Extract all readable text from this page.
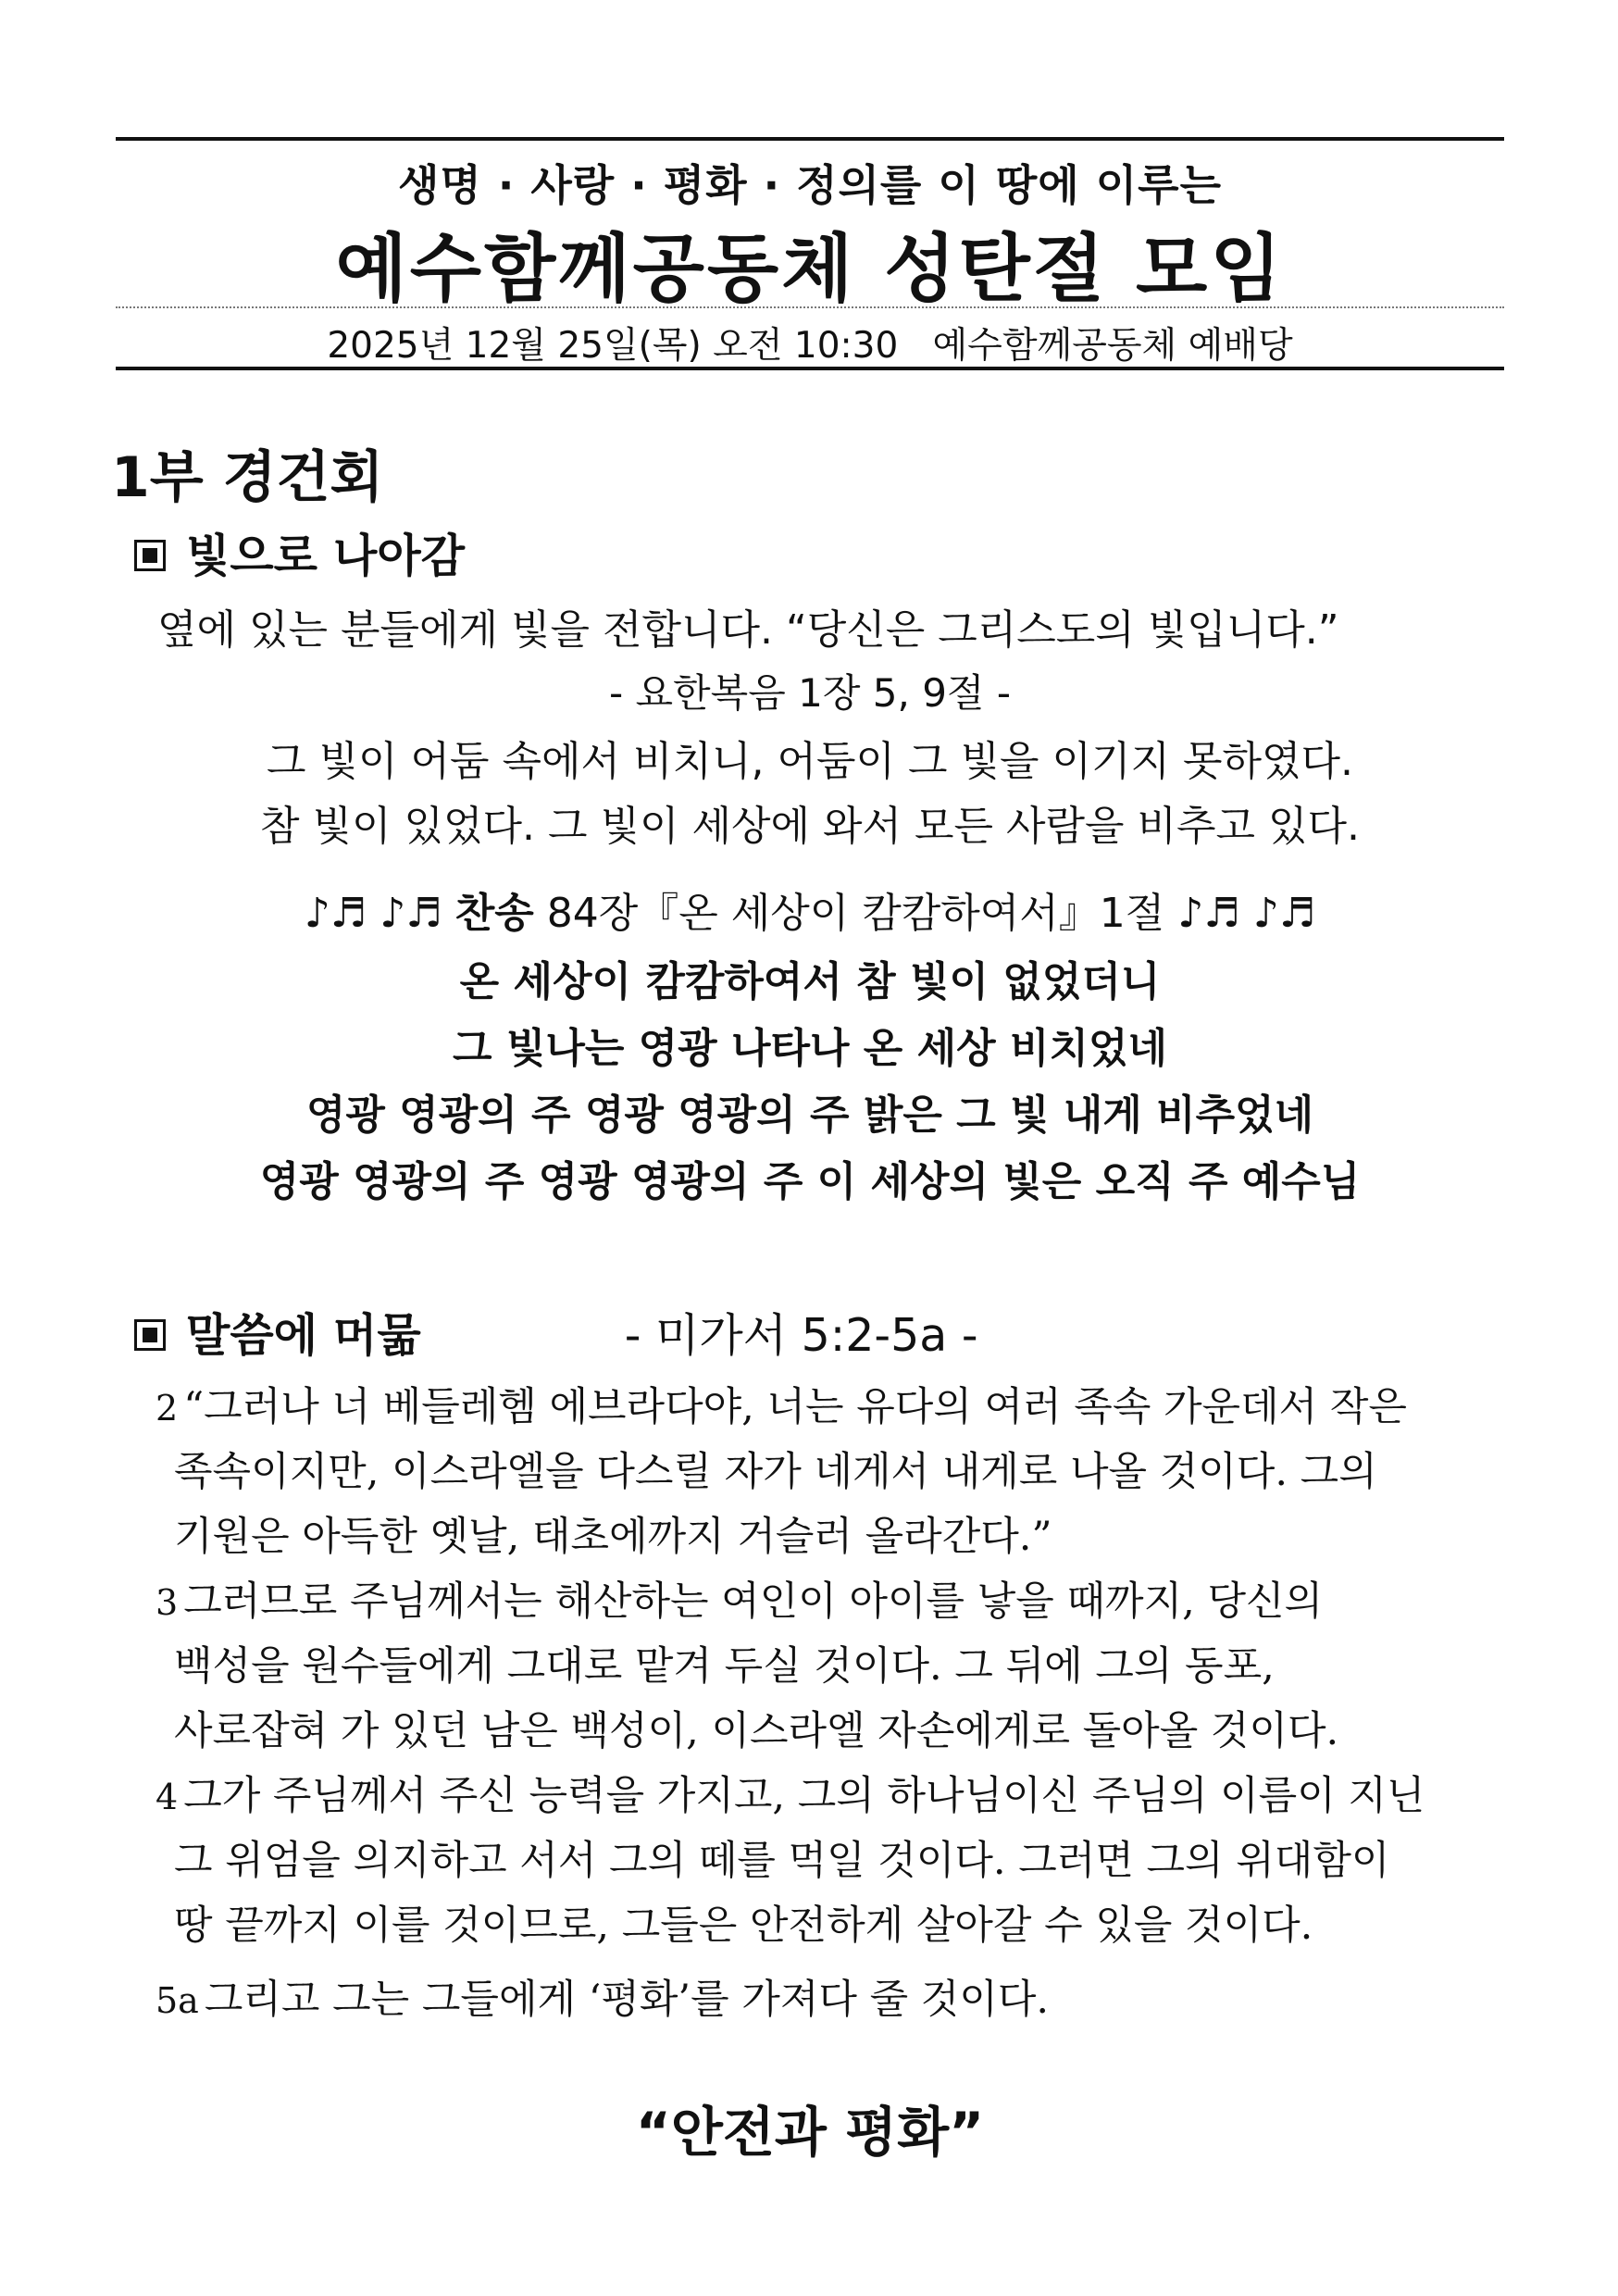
생명 · 사랑 · 평화 · 정의를 이 땅에 이루는
예수함께공동체 성탄절 모임
2025년 12월 25일(목) 오전 10:30   예수함께공동체 예배당
1부 경건회
빛으로 나아감
옆에 있는 분들에게 빛을 전합니다. “당신은 그리스도의 빛입니다.”
- 요한복음 1장 5, 9절 -
그 빛이 어둠 속에서 비치니, 어둠이 그 빛을 이기지 못하였다.
참 빛이 있었다. 그 빛이 세상에 와서 모든 사람을 비추고 있다.
♪♬ ♪♬ 찬송 84장『온 세상이 캄캄하여서』1절 ♪♬ ♪♬
온 세상이 캄캄하여서 참 빛이 없었더니
그 빛나는 영광 나타나 온 세상 비치었네
영광 영광의 주 영광 영광의 주 밝은 그 빛 내게 비추었네
영광 영광의 주 영광 영광의 주 이 세상의 빛은 오직 주 예수님
말씀에 머묾	- 미가서 5:2-5a -
2 “그러나 너 베들레헴 에브라다야, 너는 유다의 여러 족속 가운데서 작은
족속이지만, 이스라엘을 다스릴 자가 네게서 내게로 나올 것이다. 그의
기원은 아득한 옛날, 태초에까지 거슬러 올라간다.”
3 그러므로 주님께서는 해산하는 여인이 아이를 낳을 때까지, 당신의
백성을 원수들에게 그대로 맡겨 두실 것이다. 그 뒤에 그의 동포,
사로잡혀 가 있던 남은 백성이, 이스라엘 자손에게로 돌아올 것이다.
4 그가 주님께서 주신 능력을 가지고, 그의 하나님이신 주님의 이름이 지닌
그 위엄을 의지하고 서서 그의 떼를 먹일 것이다. 그러면 그의 위대함이
땅 끝까지 이를 것이므로, 그들은 안전하게 살아갈 수 있을 것이다.
5a 그리고 그는 그들에게 ‘평화’를 가져다 줄 것이다.
“안전과 평화”
